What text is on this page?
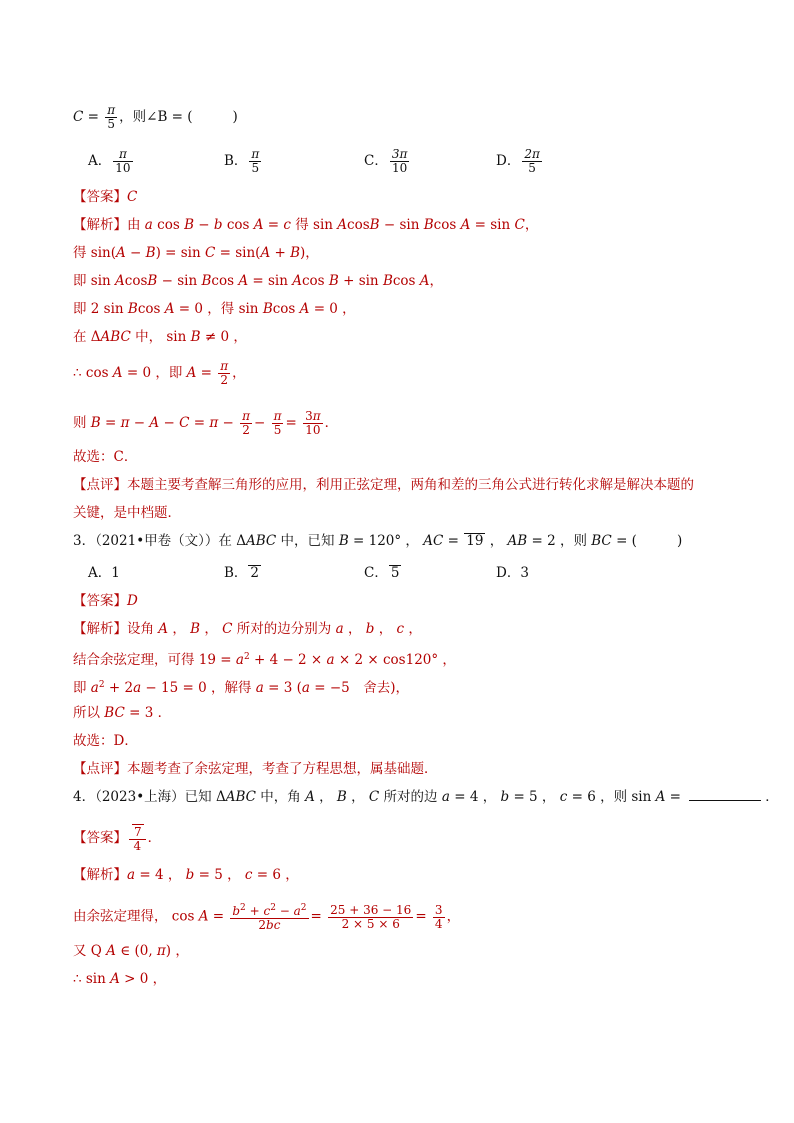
$C = \frac{\pi}{5}$ ，则∠B = (	)
A． $\frac{\pi}{10}$	B． $\frac{\pi}{5}$	C． $\frac{3\pi}{10}$	D． $\frac{2\pi}{5}$
【答案】C
【解析】由 a cos B − b cos A = c 得 sin AcosB − sin Bcos A = sin C，
得 sin(A − B) = sin C = sin(A + B)，
即 sin AcosB − sin Bcos A = sin Acos B + sin Bcos A，
即 2 sin Bcos A = 0 ，得 sin Bcos A = 0 ，
在 ΔABC 中， sin B ≠ 0 ，
∴ cos A = 0 ，即 $A = \frac{\pi}{2}$ ，
则 $B = \pi - A - C = \pi - \frac{\pi}{2} - \frac{\pi}{5} = \frac{3\pi}{10}$ ．
故选：C．
【点评】本题主要考查解三角形的应用，利用正弦定理，两角和差的三角公式进行转化求解是解决本题的
关键，是中档题．
3．（2021•甲卷（文））在 ΔABC 中，已知 B = 120° ， AC = 19 ， AB = 2 ，则 BC = (	)
A．1	B． 2	C． 5	D．3
【答案】D
【解析】设角 A ， B ， C 所对的边分别为 a ， b ， c ，
结合余弦定理，可得 $19 = a^2 + 4 - 2 \times a \times 2 \times \cos 120^\circ$ ，
即 $a^2 + 2a - 15 = 0$ ，解得 a = 3 (a = −5　舍去)，
所以 BC = 3 ．
故选：D．
【点评】本题考查了余弦定理，考查了方程思想，属基础题．
4．（2023•上海）已知 ΔABC 中，角 A ， B ， C 所对的边 a = 4 ， b = 5 ， c = 6 ，则 sin A =	．
【答案】 $\frac{7}{4}$ ．
【解析】a = 4 ， b = 5 ， c = 6 ，
由余弦定理得， $\cos A = \frac{b^2 + c^2 - a^2}{2bc} = \frac{25 + 36 - 16}{2 \times 5 \times 6} = \frac{3}{4}$ ，
又 Q A ∈ (0, π) ，
∴ sin A > 0 ，
